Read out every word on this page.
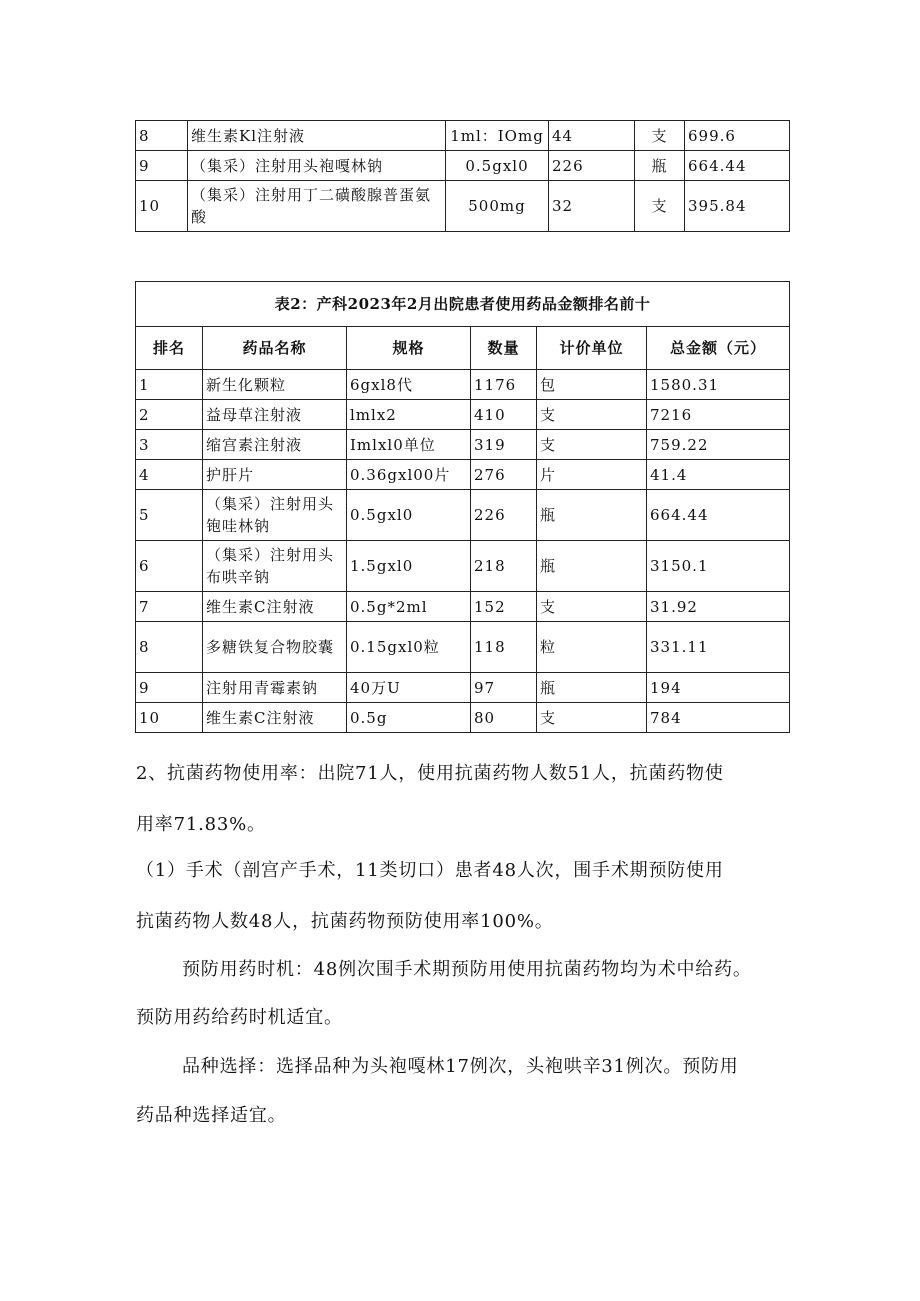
8	维生素Kl注射液	1ml：IOmg	44	支	699.6
9	（集采）注射用头袍嘎林钠	0.5gxl0	226	瓶	664.44
10	（集采）注射用丁二磺酸腺普蛋氨酸	500mg	32	支	395.84
表2：产科2023年2月出院患者使用药品金额排名前十					
排名	药品名称	规格	数量	计价单位	总金额（元）
1	新生化颗粒	6gxl8代	1176	包	1580.31
2	益母草注射液	lmlx2	410	支	7216
3	缩宫素注射液	Imlxl0单位	319	支	759.22
4	护肝片	0.36gxl00片	276	片	41.4
5	（集采）注射用头铇哇林钠	0.5gxl0	226	瓶	664.44
6	（集采）注射用头布哄辛钠	1.5gxl0	218	瓶	3150.1
7	维生素C注射液	0.5g*2ml	152	支	31.92
8	多糖铁复合物胶囊	0.15gxl0粒	118	粒	331.11
9	注射用青霉素钠	40万U	97	瓶	194
10	维生素C注射液	0.5g	80	支	784
2、抗菌药物使用率：出院71人，使用抗菌药物人数51人，抗菌药物使
用率71.83%。
（1）手术（剖宫产手术，11类切口）患者48人次，围手术期预防使用
抗菌药物人数48人，抗菌药物预防使用率100%。
预防用药时机：48例次围手术期预防用使用抗菌药物均为术中给药。
预防用药给药时机适宜。
品种选择：选择品种为头袍嘎林17例次，头袍哄辛31例次。预防用
药品种选择适宜。
